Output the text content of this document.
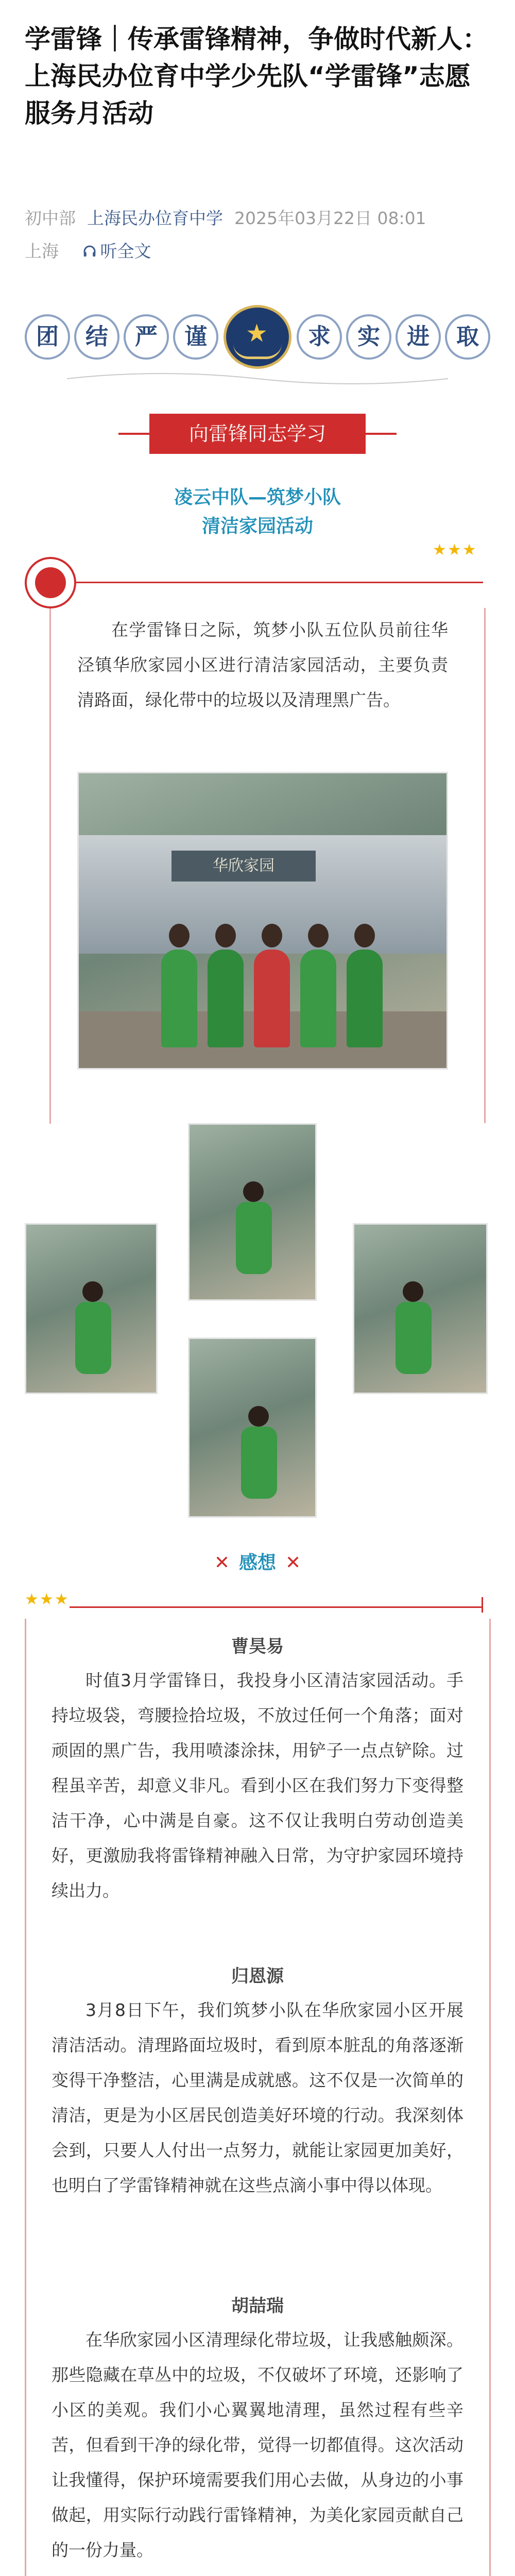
学雷锋｜传承雷锋精神，争做时代新人：上海民办位育中学少先队“学雷锋”志愿服务月活动
初中部 上海民办位育中学 2025年03月22日 08:01
上海 听全文
团	结	严	谨	★	求	实	进	取
向雷锋同志学习
凌云中队—筑梦小队
清洁家园活动
★★★
在学雷锋日之际，筑梦小队五位队员前往华泾镇华欣家园小区进行清洁家园活动，主要负责清路面，绿化带中的垃圾以及清理黑广告。
华欣家园
✕ 感想 ✕
★★★
曹昊易
时值3月学雷锋日，我投身小区清洁家园活动。手持垃圾袋，弯腰捡拾垃圾，不放过任何一个角落；面对顽固的黑广告，我用喷漆涂抹，用铲子一点点铲除。过程虽辛苦，却意义非凡。看到小区在我们努力下变得整洁干净，心中满是自豪。这不仅让我明白劳动创造美好，更激励我将雷锋精神融入日常，为守护家园环境持续出力。
归恩源
3月8日下午，我们筑梦小队在华欣家园小区开展清洁活动。清理路面垃圾时，看到原本脏乱的角落逐渐变得干净整洁，心里满是成就感。这不仅是一次简单的清洁，更是为小区居民创造美好环境的行动。我深刻体会到，只要人人付出一点努力，就能让家园更加美好，也明白了学雷锋精神就在这些点滴小事中得以体现。
胡喆瑞
在华欣家园小区清理绿化带垃圾，让我感触颇深。那些隐藏在草丛中的垃圾，不仅破坏了环境，还影响了小区的美观。我们小心翼翼地清理，虽然过程有些辛苦，但看到干净的绿化带，觉得一切都值得。这次活动让我懂得，保护环境需要我们用心去做，从身边的小事做起，用实际行动践行雷锋精神，为美化家园贡献自己的一份力量。
